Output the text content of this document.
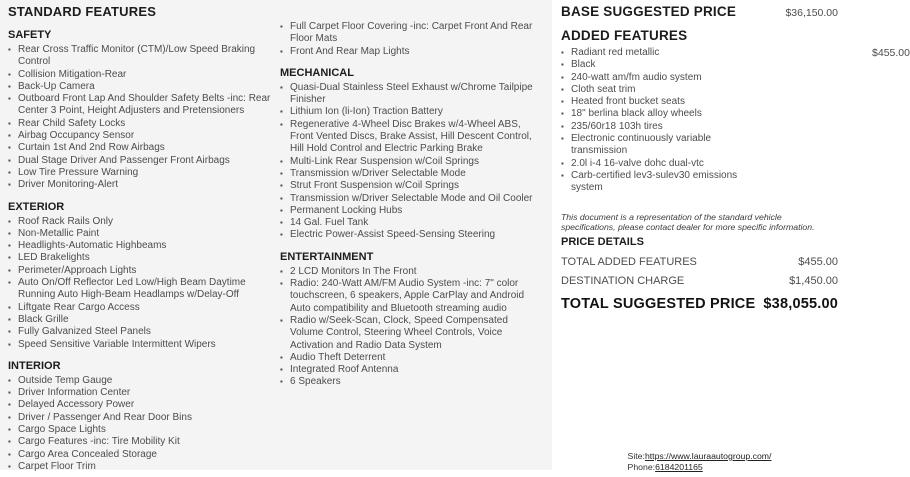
STANDARD FEATURES
SAFETY
▪ Rear Cross Traffic Monitor (CTM)/Low Speed Braking Control
▪ Collision Mitigation-Rear
▪ Back-Up Camera
▪ Outboard Front Lap And Shoulder Safety Belts -inc: Rear Center 3 Point, Height Adjusters and Pretensioners
▪ Rear Child Safety Locks
▪ Airbag Occupancy Sensor
▪ Curtain 1st And 2nd Row Airbags
▪ Dual Stage Driver And Passenger Front Airbags
▪ Low Tire Pressure Warning
▪ Driver Monitoring-Alert
EXTERIOR
▪ Roof Rack Rails Only
▪ Non-Metallic Paint
▪ Headlights-Automatic Highbeams
▪ LED Brakelights
▪ Perimeter/Approach Lights
▪ Auto On/Off Reflector Led Low/High Beam Daytime Running Auto High-Beam Headlamps w/Delay-Off
▪ Liftgate Rear Cargo Access
▪ Black Grille
▪ Fully Galvanized Steel Panels
▪ Speed Sensitive Variable Intermittent Wipers
INTERIOR
▪ Outside Temp Gauge
▪ Driver Information Center
▪ Delayed Accessory Power
▪ Driver / Passenger And Rear Door Bins
▪ Cargo Space Lights
▪ Cargo Features -inc: Tire Mobility Kit
▪ Cargo Area Concealed Storage
▪ Carpet Floor Trim
▪ Full Carpet Floor Covering -inc: Carpet Front And Rear Floor Mats
▪ Front And Rear Map Lights
MECHANICAL
▪ Quasi-Dual Stainless Steel Exhaust w/Chrome Tailpipe Finisher
▪ Lithium Ion (li-Ion) Traction Battery
▪ Regenerative 4-Wheel Disc Brakes w/4-Wheel ABS, Front Vented Discs, Brake Assist, Hill Descent Control, Hill Hold Control and Electric Parking Brake
▪ Multi-Link Rear Suspension w/Coil Springs
▪ Transmission w/Driver Selectable Mode
▪ Strut Front Suspension w/Coil Springs
▪ Transmission w/Driver Selectable Mode and Oil Cooler
▪ Permanent Locking Hubs
▪ 14 Gal. Fuel Tank
▪ Electric Power-Assist Speed-Sensing Steering
ENTERTAINMENT
▪ 2 LCD Monitors In The Front
▪ Radio: 240-Watt AM/FM Audio System -inc: 7" color touchscreen, 6 speakers, Apple CarPlay and Android Auto compatibility and Bluetooth streaming audio
▪ Radio w/Seek-Scan, Clock, Speed Compensated Volume Control, Steering Wheel Controls, Voice Activation and Radio Data System
▪ Audio Theft Deterrent
▪ Integrated Roof Antenna
▪ 6 Speakers
BASE SUGGESTED PRICE	$36,150.00
ADDED FEATURES
▪ Radiant red metallic	$455.00
▪ Black
▪ 240-watt am/fm audio system
▪ Cloth seat trim
▪ Heated front bucket seats
▪ 18" berlina black alloy wheels
▪ 235/60r18 103h tires
▪ Electronic continuously variable transmission
▪ 2.0l i-4 16-valve dohc dual-vtc
▪ Carb-certified lev3-sulev30 emissions system
This document is a representation of the standard vehicle specifications, please contact dealer for more specific information.
PRICE DETAILS
TOTAL ADDED FEATURES	$455.00
DESTINATION CHARGE	$1,450.00
TOTAL SUGGESTED PRICE $38,055.00
Site:https://www.lauraautogroup.com/
Phone:6184201165
